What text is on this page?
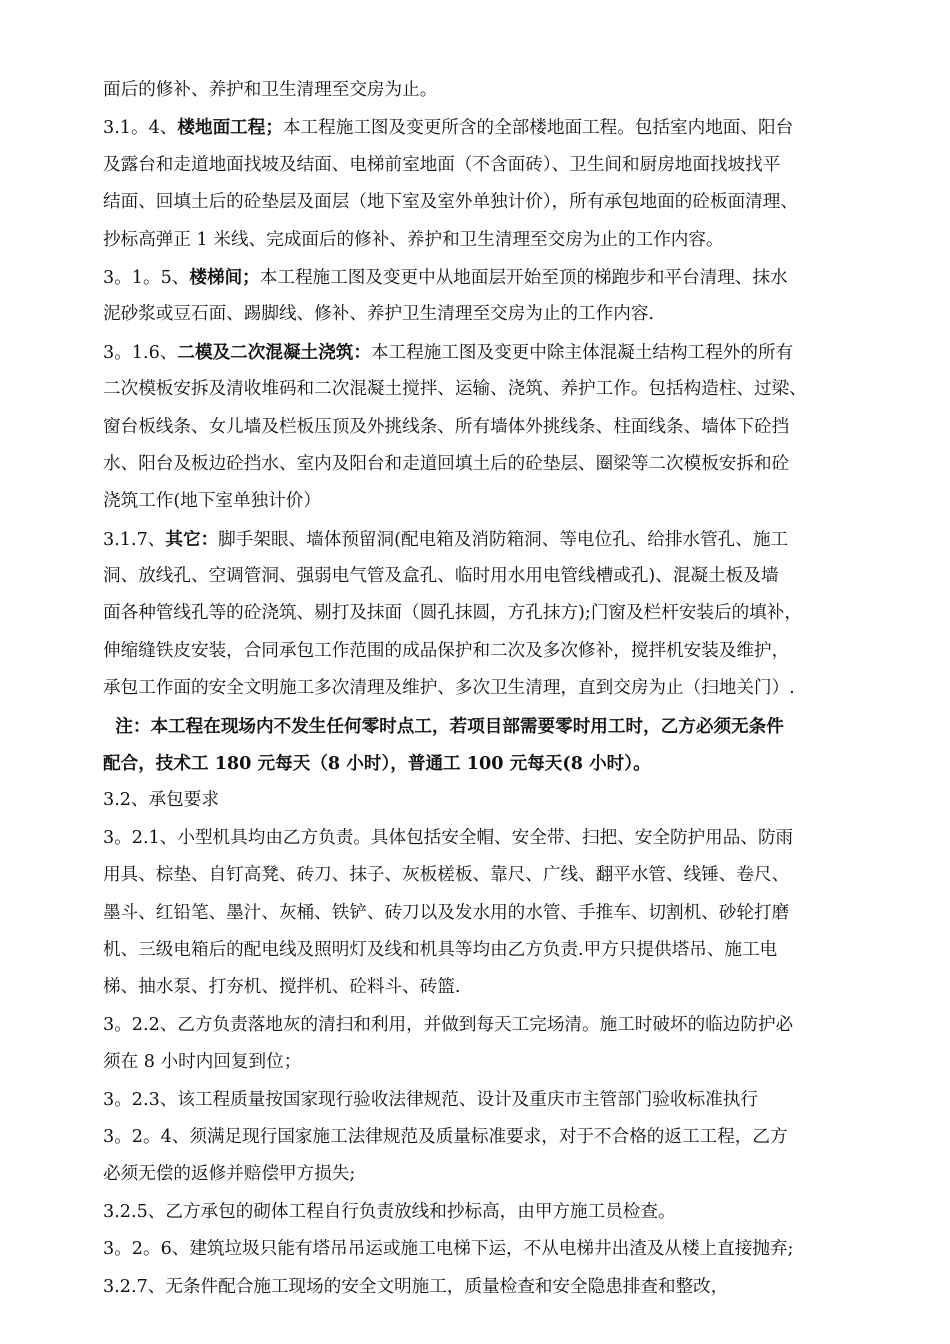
面后的修补、养护和卫生清理至交房为止。
3.1。4、楼地面工程；本工程施工图及变更所含的全部楼地面工程。包括室内地面、阳台
及露台和走道地面找坡及结面、电梯前室地面（不含面砖）、卫生间和厨房地面找坡找平
结面、回填土后的砼垫层及面层（地下室及室外单独计价），所有承包地面的砼板面清理、
抄标高弹正 1 米线、完成面后的修补、养护和卫生清理至交房为止的工作内容。
3。1。5、楼梯间；本工程施工图及变更中从地面层开始至顶的梯跑步和平台清理、抹水
泥砂浆或豆石面、踢脚线、修补、养护卫生清理至交房为止的工作内容.
3。1.6、二模及二次混凝土浇筑：本工程施工图及变更中除主体混凝土结构工程外的所有
二次模板安拆及清收堆码和二次混凝土搅拌、运输、浇筑、养护工作。包括构造柱、过梁、
窗台板线条、女儿墙及栏板压顶及外挑线条、所有墙体外挑线条、柱面线条、墙体下砼挡
水、阳台及板边砼挡水、室内及阳台和走道回填土后的砼垫层、圈梁等二次模板安拆和砼
浇筑工作(地下室单独计价）
3.1.7、其它：脚手架眼、墙体预留洞(配电箱及消防箱洞、等电位孔、给排水管孔、施工
洞、放线孔、空调管洞、强弱电气管及盒孔、临时用水用电管线槽或孔)、混凝土板及墙
面各种管线孔等的砼浇筑、剔打及抹面（圆孔抹圆，方孔抹方);门窗及栏杆安装后的填补，
伸缩缝铁皮安装，合同承包工作范围的成品保护和二次及多次修补，搅拌机安装及维护，
承包工作面的安全文明施工多次清理及维护、多次卫生清理，直到交房为止（扫地关门）.
注：本工程在现场内不发生任何零时点工，若项目部需要零时用工时，乙方必须无条件
配合，技术工 180 元每天（8 小时），普通工 100 元每天(8 小时）。
3.2、承包要求
3。2.1、小型机具均由乙方负责。具体包括安全帽、安全带、扫把、安全防护用品、防雨
用具、棕垫、自钉高凳、砖刀、抹子、灰板槎板、靠尺、广线、翻平水管、线锤、卷尺、
墨斗、红铅笔、墨汁、灰桶、铁铲、砖刀以及发水用的水管、手推车、切割机、砂轮打磨
机、三级电箱后的配电线及照明灯及线和机具等均由乙方负责.甲方只提供塔吊、施工电
梯、抽水泵、打夯机、搅拌机、砼料斗、砖篮.
3。2.2、乙方负责落地灰的清扫和利用，并做到每天工完场清。施工时破坏的临边防护必
须在 8 小时内回复到位；
3。2.3、该工程质量按国家现行验收法律规范、设计及重庆市主管部门验收标准执行
3。2。4、须满足现行国家施工法律规范及质量标准要求，对于不合格的返工工程，乙方
必须无偿的返修并赔偿甲方损失;
3.2.5、乙方承包的砌体工程自行负责放线和抄标高，由甲方施工员检查。
3。2。6、建筑垃圾只能有塔吊吊运或施工电梯下运，不从电梯井出渣及从楼上直接抛弃;
3.2.7、无条件配合施工现场的安全文明施工，质量检查和安全隐患排查和整改，
